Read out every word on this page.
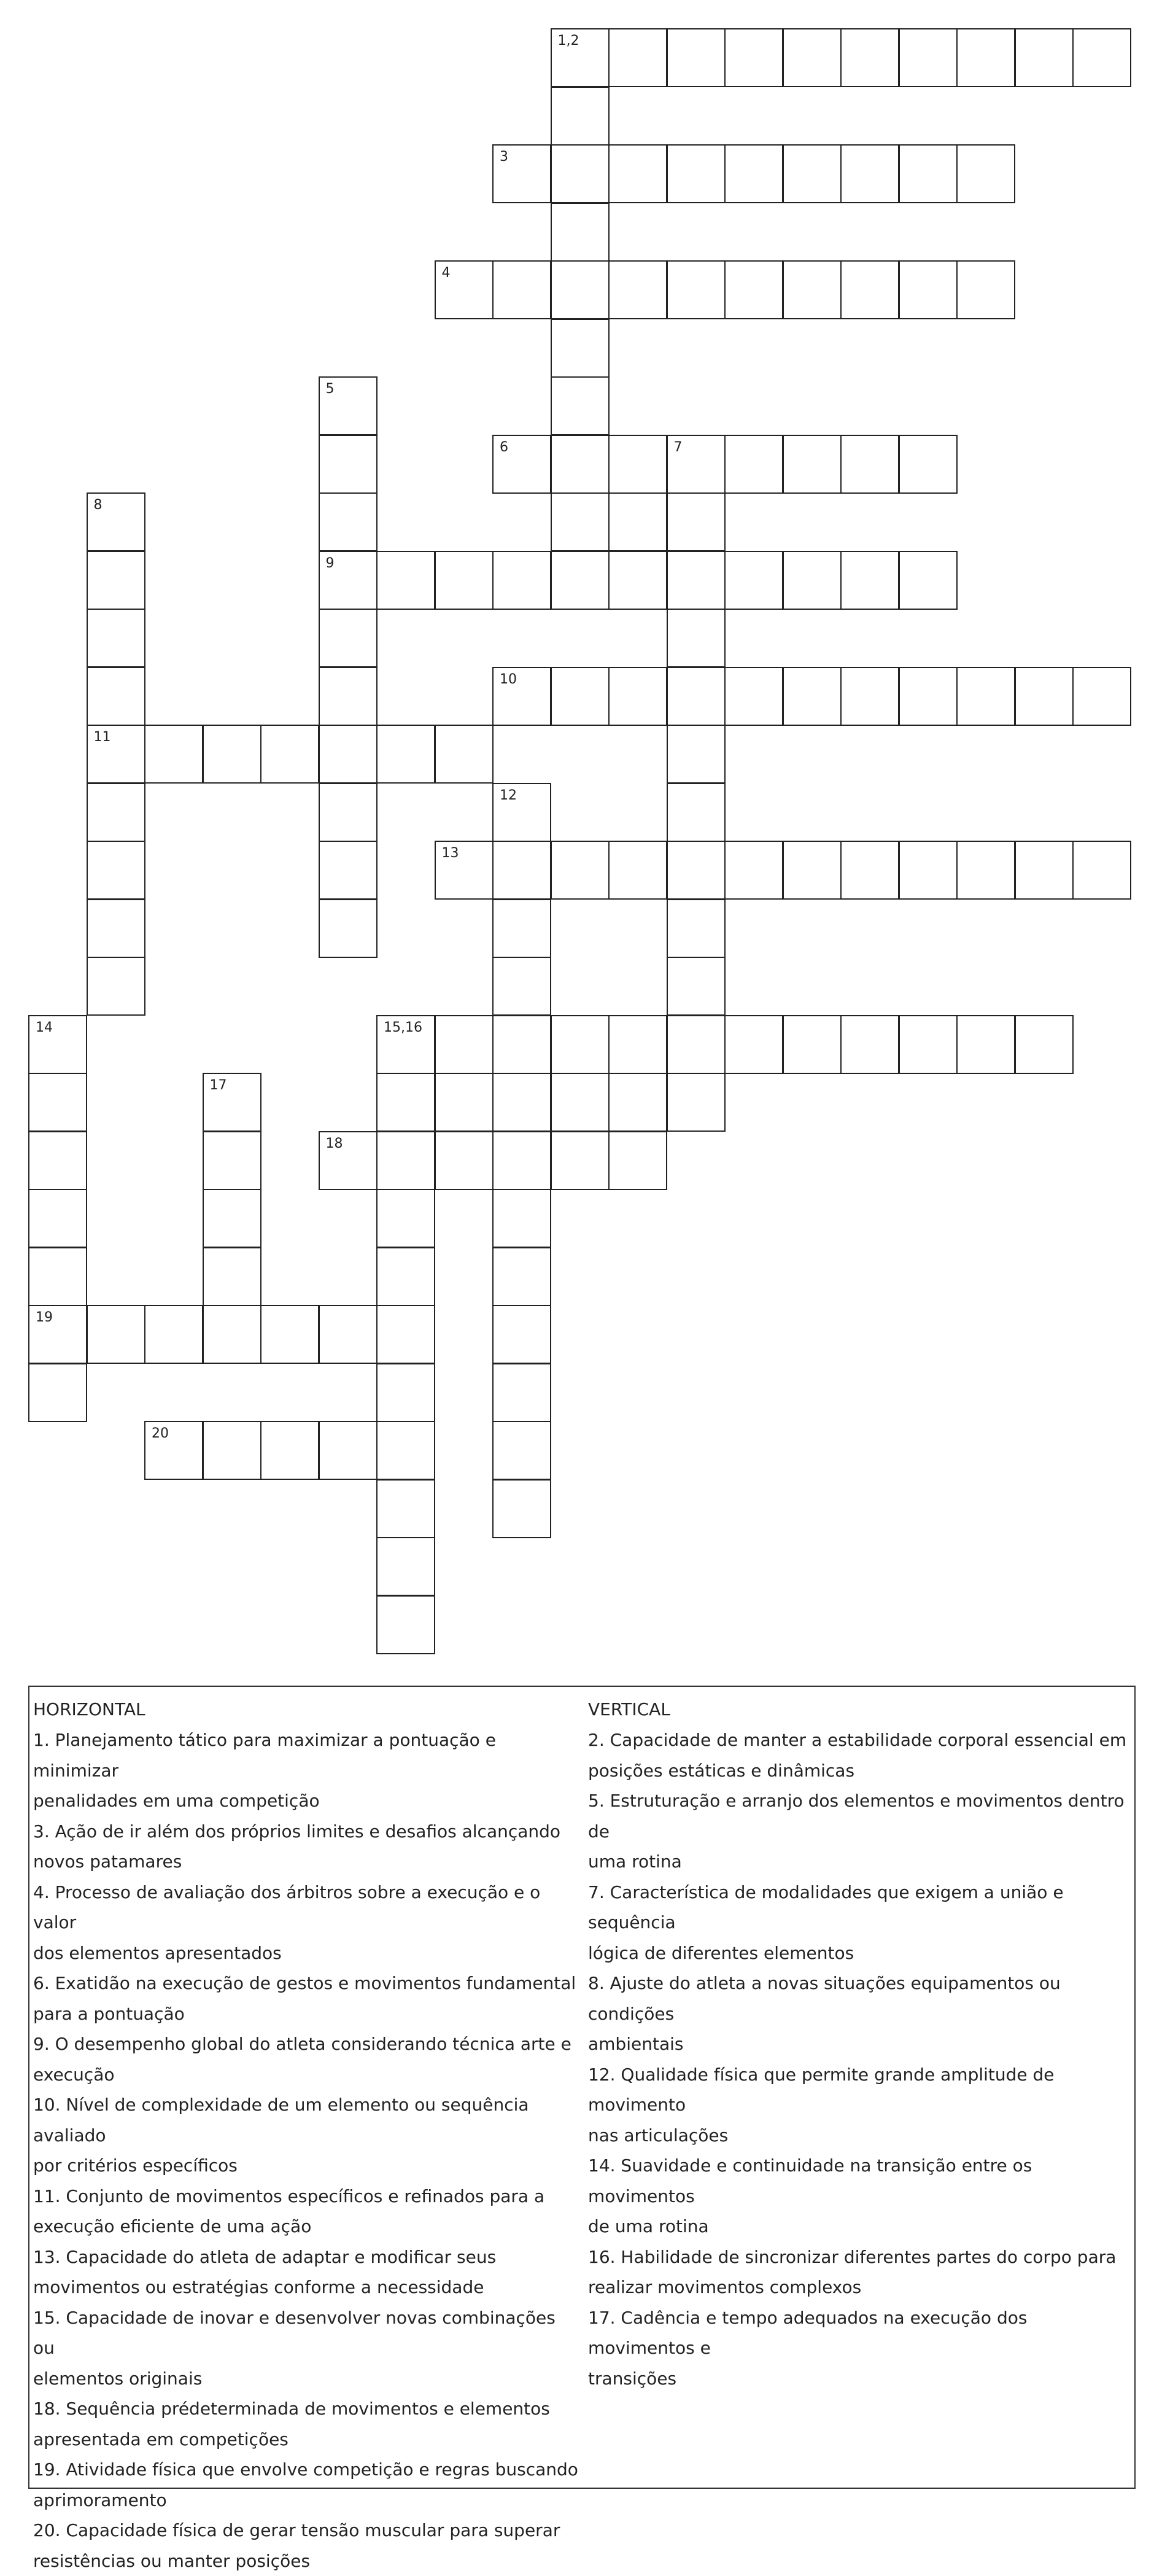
1,2
3
4
5
6	7
8
9
10
11
12
13
14	15,16
17
18
19
20
HORIZONTAL
1. Planejamento tático para maximizar a pontuação e minimizar
penalidades em uma competição
3. Ação de ir além dos próprios limites e desafios alcançando
novos patamares
4. Processo de avaliação dos árbitros sobre a execução e o valor
dos elementos apresentados
6. Exatidão na execução de gestos e movimentos fundamental
para a pontuação
9. O desempenho global do atleta considerando técnica arte e
execução
10. Nível de complexidade de um elemento ou sequência avaliado
por critérios específicos
11. Conjunto de movimentos específicos e refinados para a
execução eficiente de uma ação
13. Capacidade do atleta de adaptar e modificar seus
movimentos ou estratégias conforme a necessidade
15. Capacidade de inovar e desenvolver novas combinações ou
elementos originais
18. Sequência prédeterminada de movimentos e elementos
apresentada em competições
19. Atividade física que envolve competição e regras buscando
aprimoramento
20. Capacidade física de gerar tensão muscular para superar
resistências ou manter posições
VERTICAL
2. Capacidade de manter a estabilidade corporal essencial em
posições estáticas e dinâmicas
5. Estruturação e arranjo dos elementos e movimentos dentro de
uma rotina
7. Característica de modalidades que exigem a união e sequência
lógica de diferentes elementos
8. Ajuste do atleta a novas situações equipamentos ou condições
ambientais
12. Qualidade física que permite grande amplitude de movimento
nas articulações
14. Suavidade e continuidade na transição entre os movimentos
de uma rotina
16. Habilidade de sincronizar diferentes partes do corpo para
realizar movimentos complexos
17. Cadência e tempo adequados na execução dos movimentos e
transições
